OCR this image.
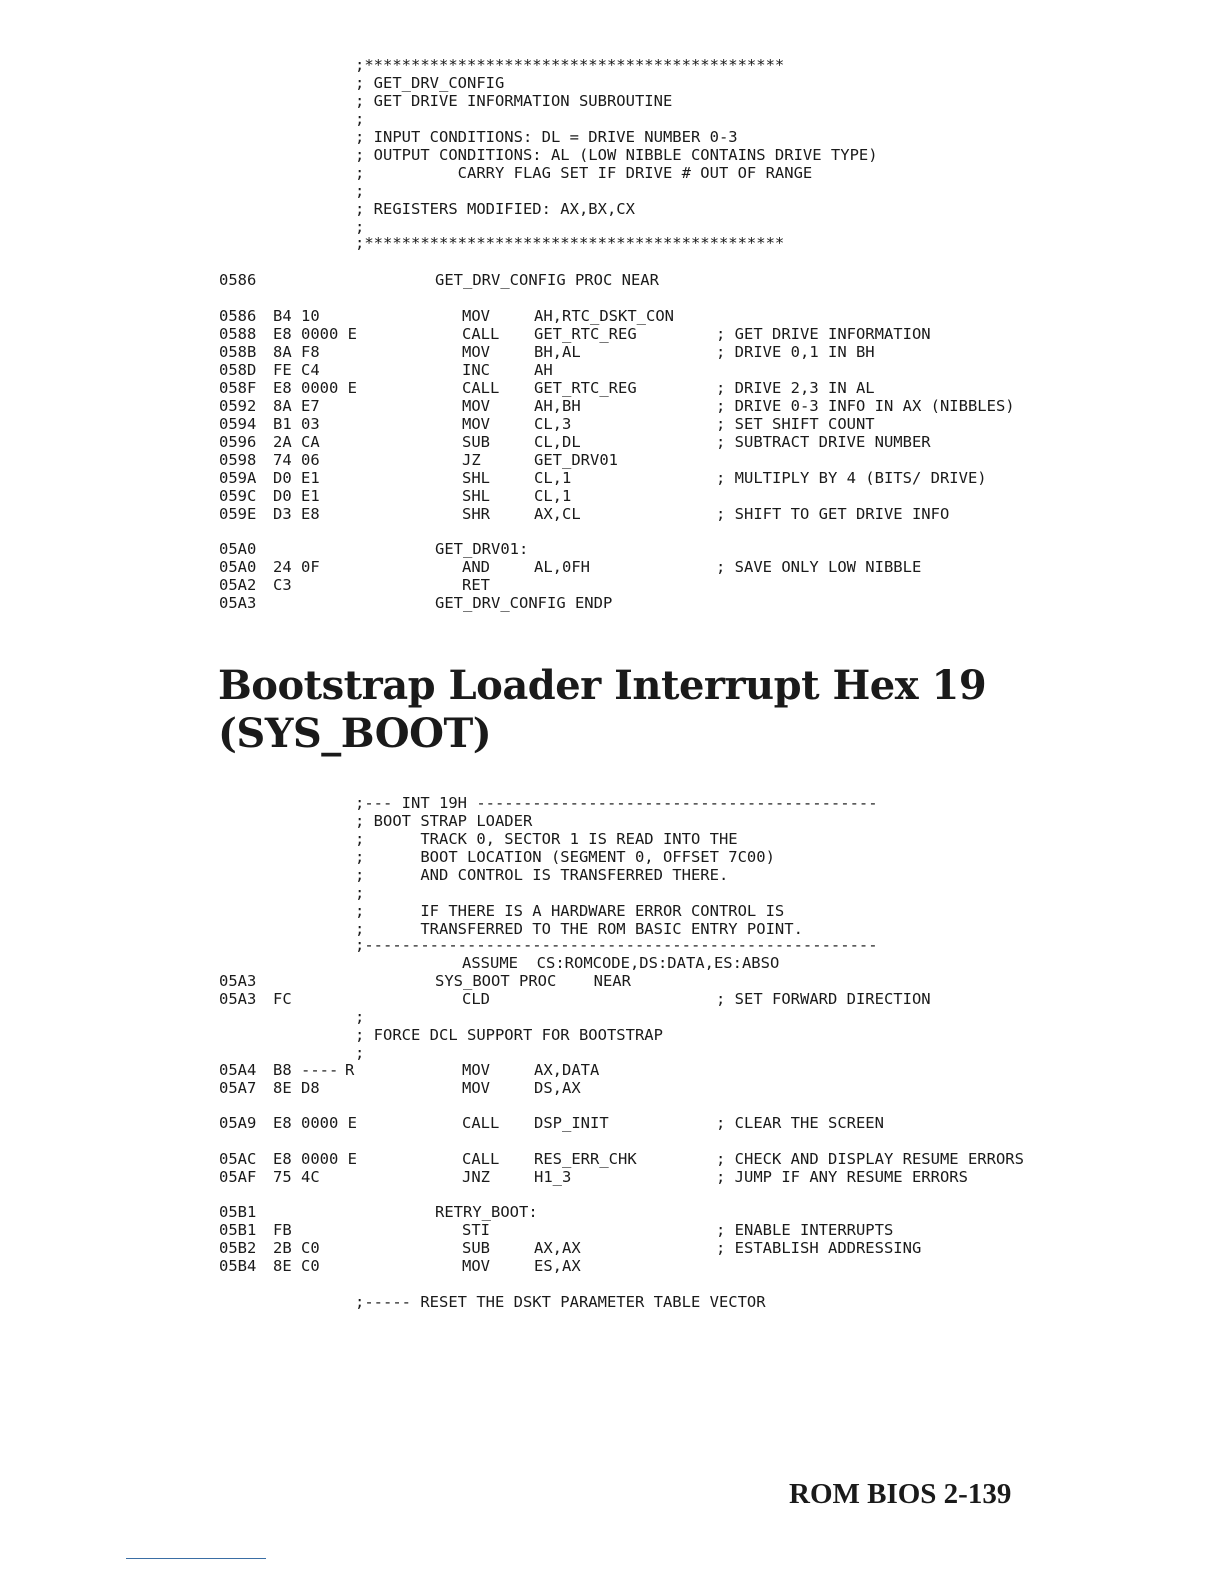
;*********************************************
; GET_DRV_CONFIG
; GET DRIVE INFORMATION SUBROUTINE
;
; INPUT CONDITIONS: DL = DRIVE NUMBER 0-3
; OUTPUT CONDITIONS: AL (LOW NIBBLE CONTAINS DRIVE TYPE)
;          CARRY FLAG SET IF DRIVE # OUT OF RANGE
;
; REGISTERS MODIFIED: AX,BX,CX
;
;*********************************************

0586

	GET_DRV_CONFIG PROC NEAR

0586 B4 10	MOV	AH,RTC_DSKT_CON
0588 E8 0000 E	CALL GET_RTC_REG	; GET DRIVE INFORMATION
058B 8A F8	MOV	BH,AL	; DRIVE 0,1 IN BH
058D FE C4	INC	AH
058F E8 0000 E	CALL GET_RTC_REG	; DRIVE 2,3 IN AL
0592 8A E7	MOV	AH,BH	; DRIVE 0-3 INFO IN AX (NIBBLES)
0594 B1 03	MOV	CL,3	; SET SHIFT COUNT
0596 2A CA	SUB	CL,DL	; SUBTRACT DRIVE NUMBER
0598 74 06	JZ	GET_DRV01
059A D0 E1	SHL	CL,1	; MULTIPLY BY 4 (BITS/ DRIVE)
059C D0 E1	SHL	CL,1
059E D3 E8	SHR	AX,CL	; SHIFT TO GET DRIVE INFO

05A0

	GET_DRV01:

05A0 24 0F	AND	AL,0FH	; SAVE ONLY LOW NIBBLE
05A2 C3	RET

05A3

	GET_DRV_CONFIG ENDP

;--- INT 19H -------------------------------------------
; BOOT STRAP LOADER
;      TRACK 0, SECTOR 1 IS READ INTO THE
;      BOOT LOCATION (SEGMENT 0, OFFSET 7C00)
;      AND CONTROL IS TRANSFERRED THERE.
;
;      IF THERE IS A HARDWARE ERROR CONTROL IS
;      TRANSFERRED TO THE ROM BASIC ENTRY POINT.
;-------------------------------------------------------
ASSUME  CS:ROMCODE,DS:DATA,ES:ABSO

05A3

	SYS_BOOT PROC    NEAR

05A3 FC	CLD	; SET FORWARD DIRECTION
;
; FORCE DCL SUPPORT FOR BOOTSTRAP
;
05A4 B8 ---- R	MOV	AX,DATA
05A7 8E D8	MOV	DS,AX
05A9 E8 0000 E	CALL DSP_INIT	; CLEAR THE SCREEN
05AC E8 0000 E	CALL RES_ERR_CHK	; CHECK AND DISPLAY RESUME ERRORS
05AF 75 4C	JNZ	H1_3	; JUMP IF ANY RESUME ERRORS

05B1

	RETRY_BOOT:

05B1 FB	STI	; ENABLE INTERRUPTS
05B2 2B C0	SUB	AX,AX	; ESTABLISH ADDRESSING
05B4 8E C0	MOV	ES,AX
;----- RESET THE DSKT PARAMETER TABLE VECTOR
Bootstrap Loader Interrupt Hex 19
(SYS_BOOT)
ROM BIOS 2-139
